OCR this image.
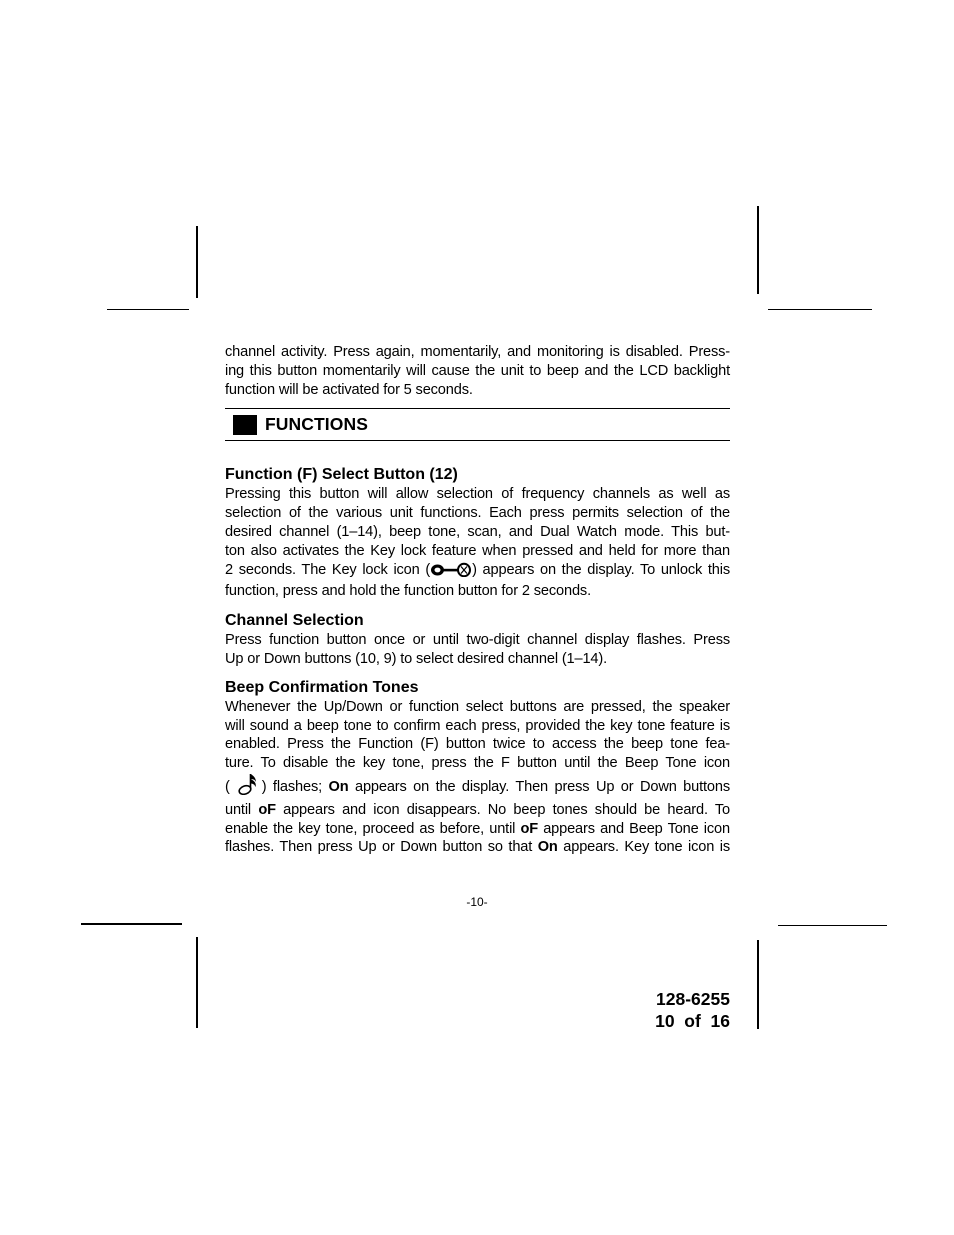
channel activity. Press again, momentarily, and monitoring is disabled. Press-
ing this button momentarily will cause the unit to beep and the LCD backlight
function will be activated for 5 seconds.

FUNCTIONS
Function (F) Select Button (12)

Pressing this button will allow selection of frequency channels as well as
selection of the various unit functions. Each press permits selection of the
desired channel (1–14), beep tone, scan, and Dual Watch mode. This but-
ton also activates the Key lock feature when pressed and held for more than
2 seconds. The Key lock icon (	) appears on the display. To unlock this
function, press and hold the function button for 2 seconds.

Channel Selection

Press function button once or until two-digit channel display flashes. Press
Up or Down buttons (10, 9) to select desired channel (1–14).

Beep Confirmation Tones

Whenever the Up/Down or function select buttons are pressed, the speaker
will sound a beep tone to confirm each press, provided the key tone feature is
enabled. Press the Function (F) button twice to access the beep tone fea-
ture. To disable the key tone, press the F button until the Beep Tone icon
( ) flashes; On appears on the display. Then press Up or Down buttons
until oF appears and icon disappears. No beep tones should be heard. To
enable the key tone, proceed as before, until oF appears and Beep Tone icon
flashes. Then press Up or Down button so that On appears. Key tone icon is

-10-
128-6255
10  of  16
